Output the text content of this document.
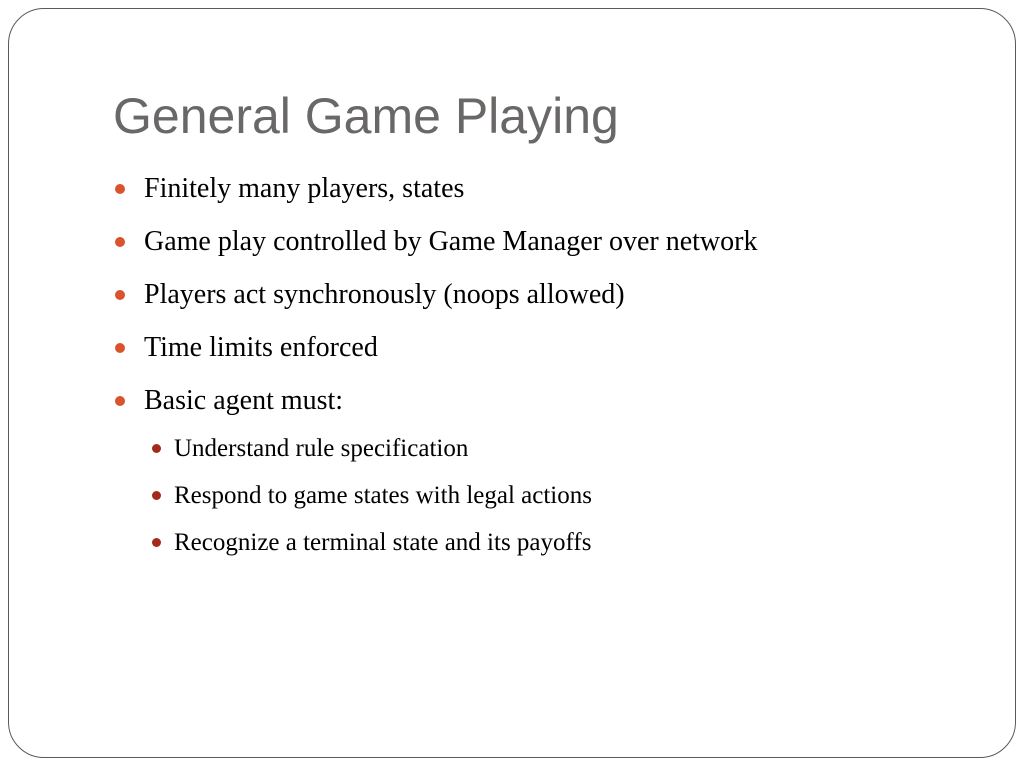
General Game Playing
Finitely many players, states
Game play controlled by Game Manager over network
Players act synchronously (noops allowed)
Time limits enforced
Basic agent must:
Understand rule specification
Respond to game states with legal actions
Recognize a terminal state and its payoffs
